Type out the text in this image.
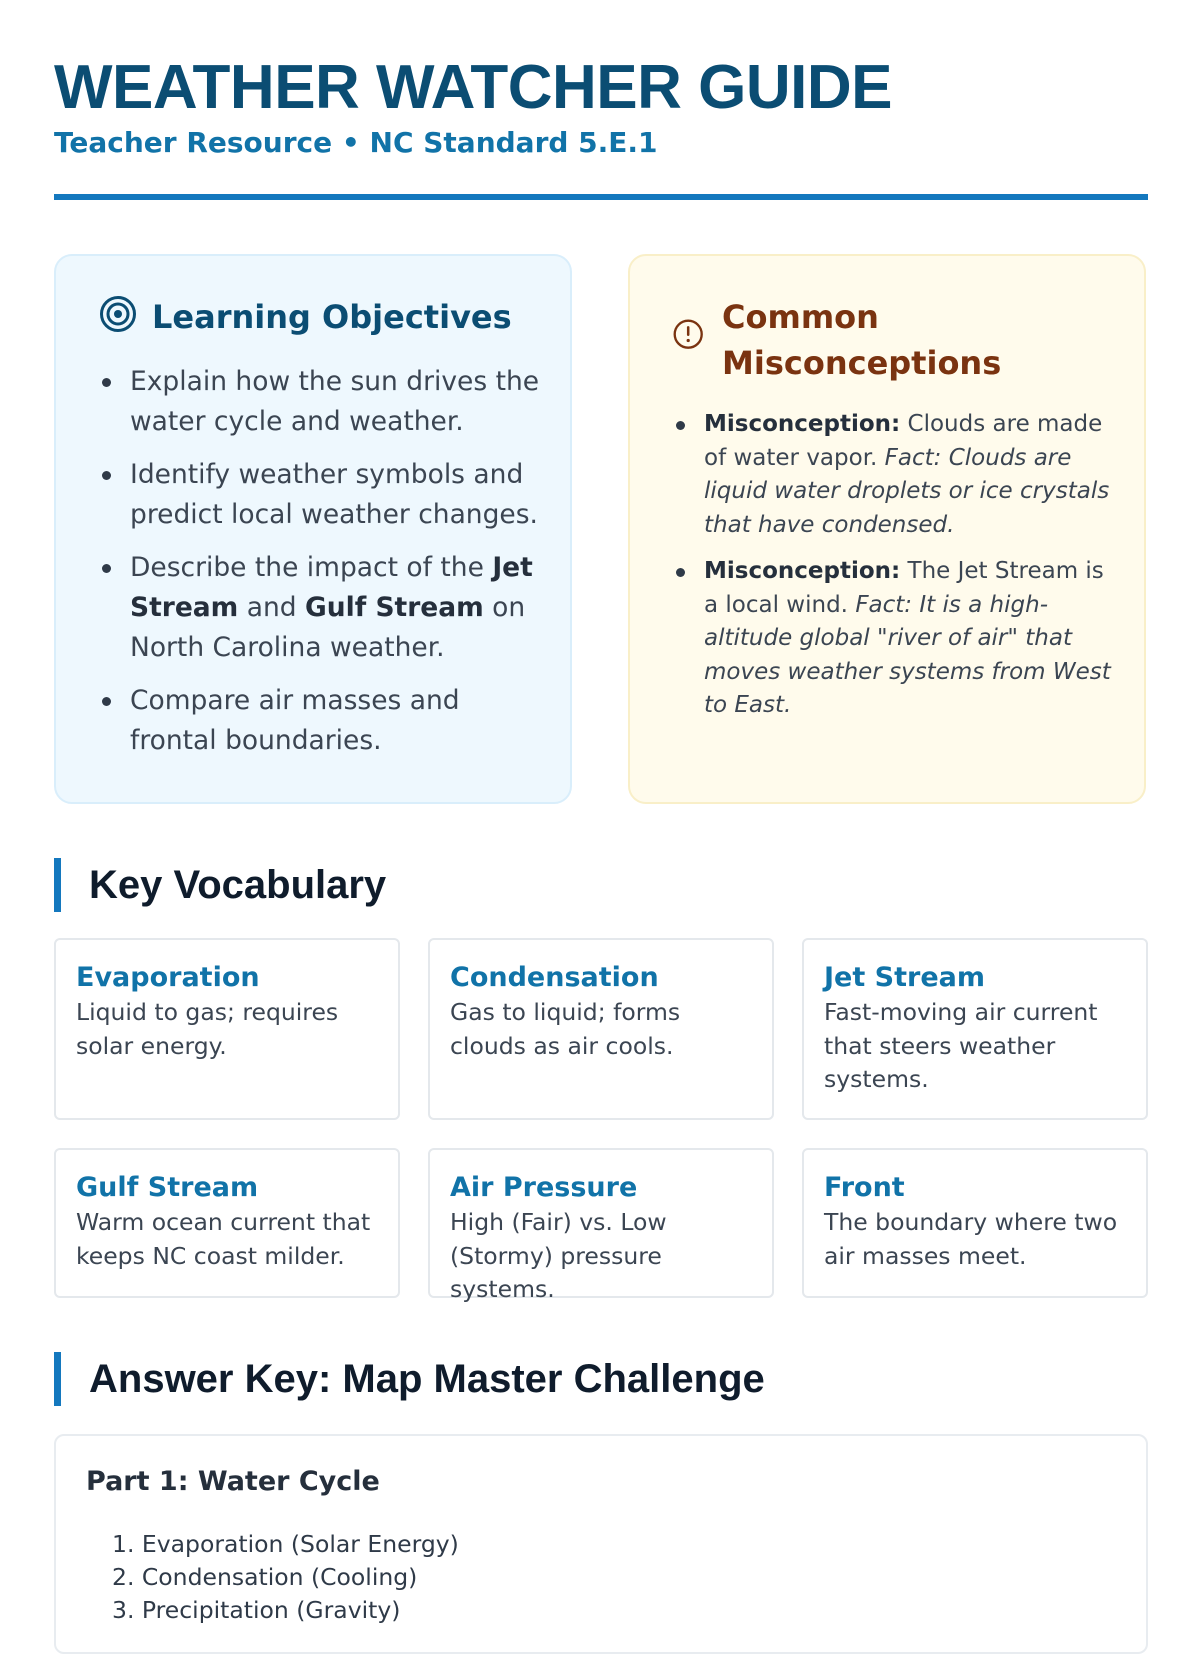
WEATHER WATCHER GUIDE
Teacher Resource • NC Standard 5.E.1
Learning Objectives
Explain how the sun drives the water cycle and weather.
Identify weather symbols and predict local weather changes.
Describe the impact of the Jet Stream and Gulf Stream on North Carolina weather.
Compare air masses and frontal boundaries.
Common Misconceptions
Misconception: Clouds are made of water vapor. Fact: Clouds are liquid water droplets or ice crystals that have condensed.
Misconception: The Jet Stream is a local wind. Fact: It is a high-altitude global "river of air" that moves weather systems from West to East.
Key Vocabulary
Evaporation
Liquid to gas; requires solar energy.
Condensation
Gas to liquid; forms clouds as air cools.
Jet Stream
Fast-moving air current that steers weather systems.
Gulf Stream
Warm ocean current that keeps NC coast milder.
Air Pressure
High (Fair) vs. Low (Stormy) pressure systems.
Front
The boundary where two air masses meet.
Answer Key: Map Master Challenge
Part 1: Water Cycle
1. Evaporation (Solar Energy)
2. Condensation (Cooling)
3. Precipitation (Gravity)
